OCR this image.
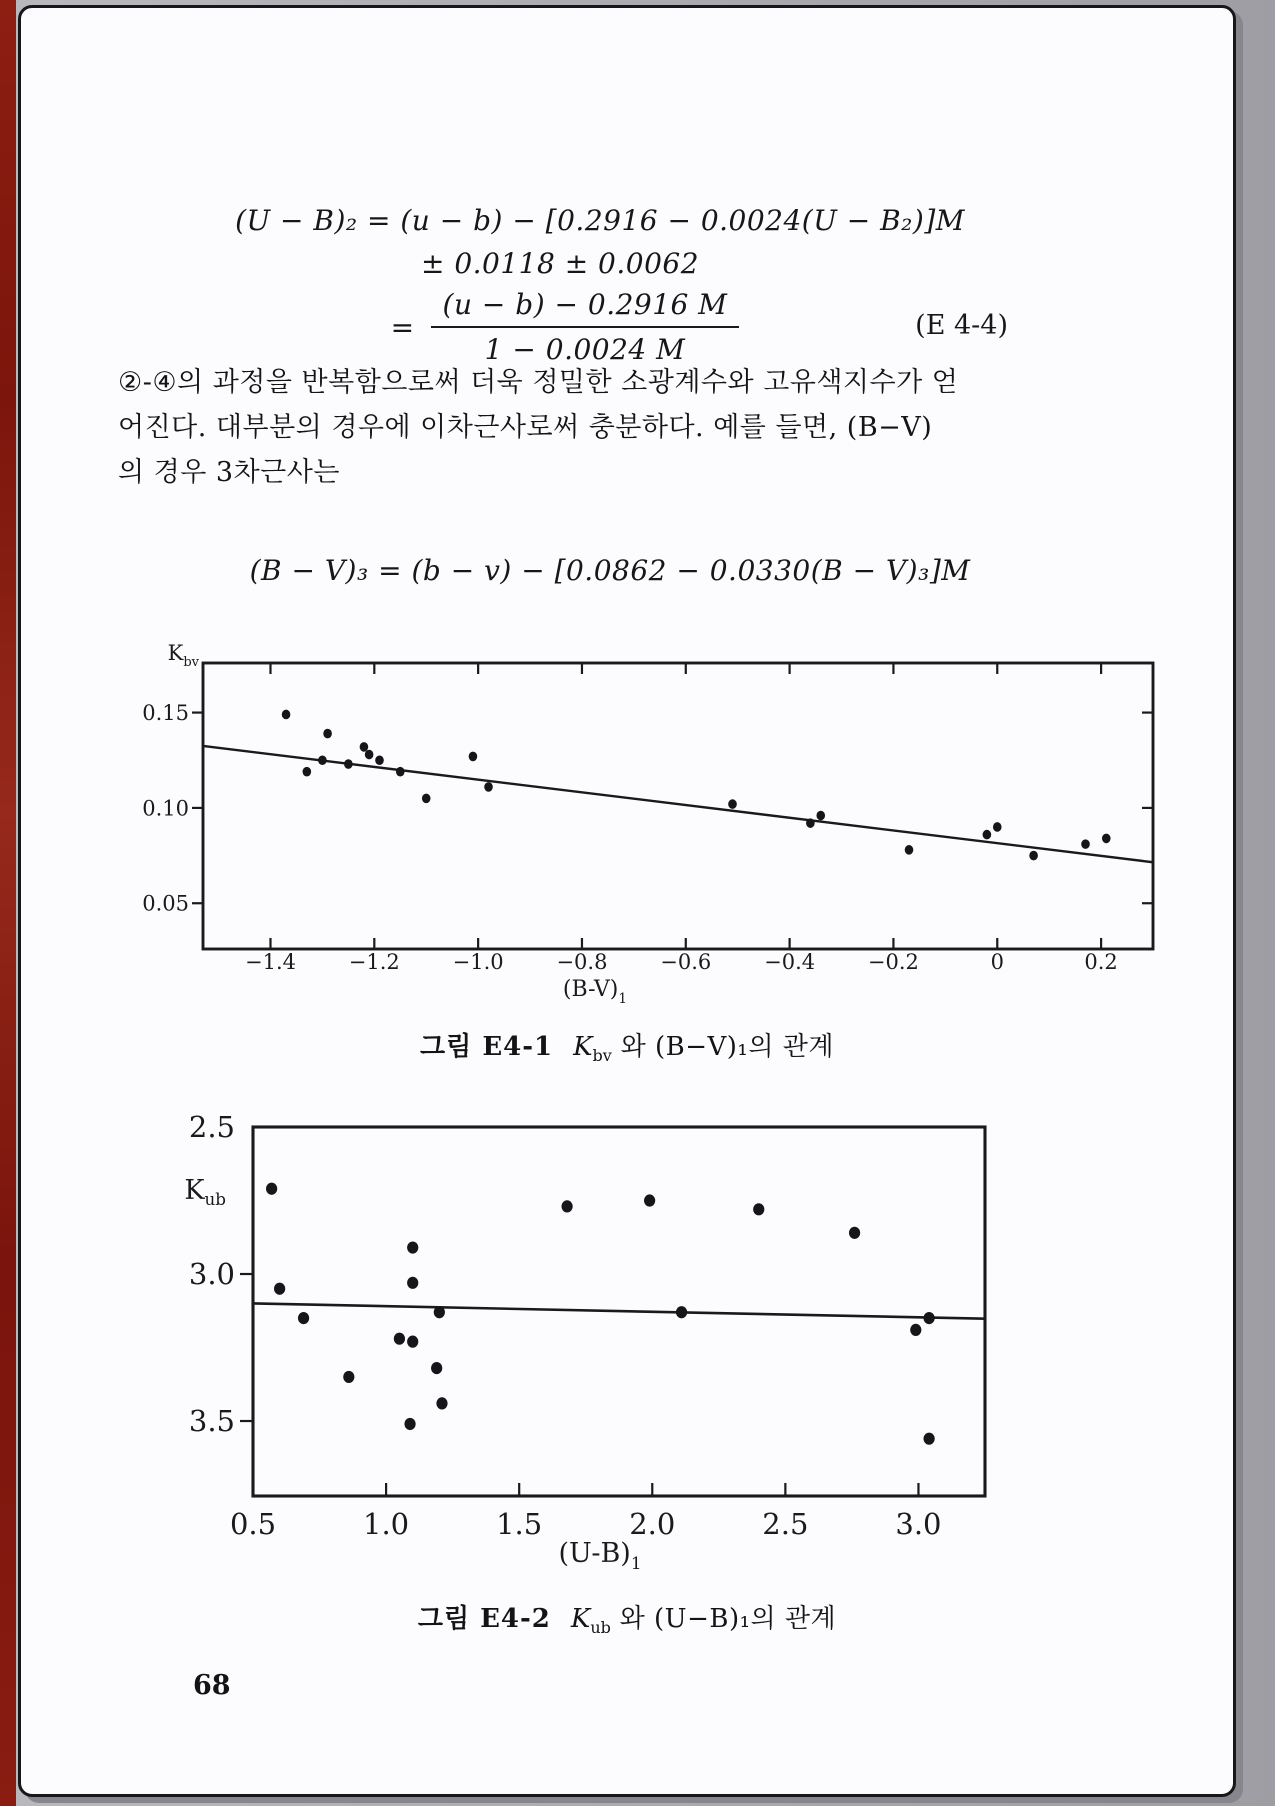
(U − B)₂ = (u − b) − [0.2916 − 0.0024(U − B₂)]M
± 0.0118 ± 0.0062
= $\frac{(u - b) - 0.2916 M}{1 - 0.0024 M}$	(E 4-4)
②-④의 과정을 반복함으로써 더욱 정밀한 소광계수와 고유색지수가 얻
어진다. 대부분의 경우에 이차근사로써 충분하다. 예를 들면, (B−V)
의 경우 3차근사는
(B − V)₃ = (b − v) − [0.0862 − 0.0330(B − V)₃]M
−1.4	−1.2	−1.0	−0.8	−0.6	−0.4	−0.2	0	0.2
0.15
0.10
0.05
$K_{bv}$
$(B-V)_1$
그림 E4-1 $K_{bv}$ 와 (B−V)₁의 관계
0.5	1.0	1.5	2.0	2.5	3.0
2.5
3.0
3.5
$K_{ub}$
$(U-B)_1$
그림 E4-2 $K_{ub}$ 와 (U−B)₁의 관계
68
